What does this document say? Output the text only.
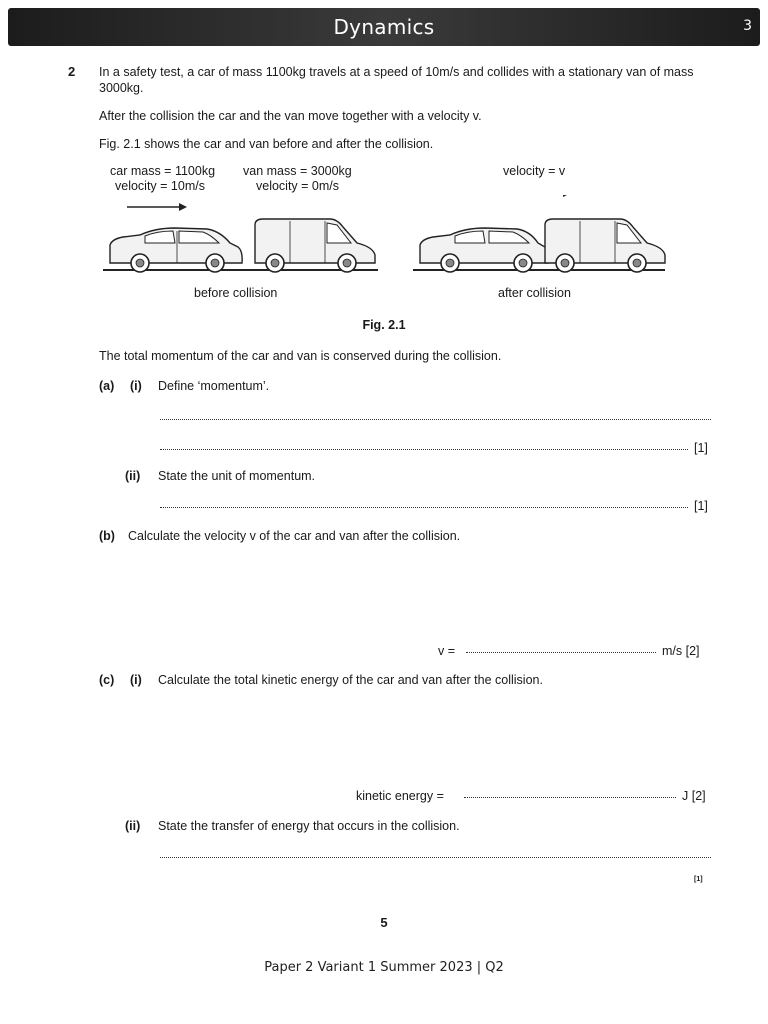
Dynamics	3
2 In a safety test, a car of mass 1100kg travels at a speed of 10m/s and collides with a stationary van of mass 3000kg.
After the collision the car and the van move together with a velocity v.
Fig. 2.1 shows the car and van before and after the collision.
car mass = 1100kg
velocity = 10m/s
van mass = 3000kg
velocity = 0m/s
velocity = v
before collision	after collision
Fig. 2.1
The total momentum of the car and van is conserved during the collision.
(a) (i) Define ‘momentum’.
[1]
(ii) State the unit of momentum.
[1]
(b) Calculate the velocity v of the car and van after the collision.
v =	m/s [2]
(c) (i) Calculate the total kinetic energy of the car and van after the collision.
kinetic energy =	J [2]
(ii) State the transfer of energy that occurs in the collision.
[1]
5
Paper 2 Variant 1 Summer 2023 | Q2
